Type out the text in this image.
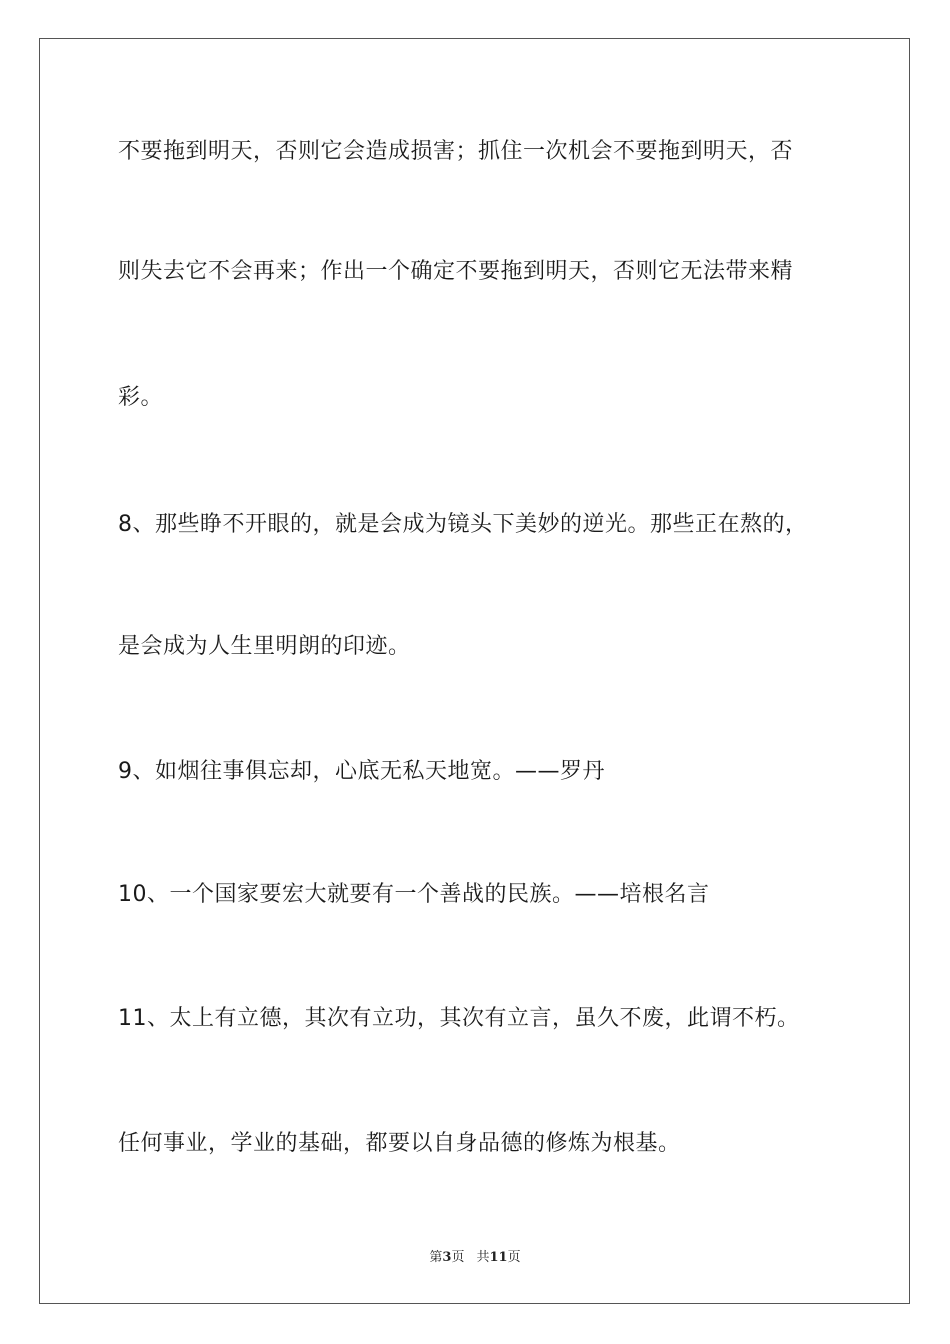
不要拖到明天，否则它会造成损害；抓住一次机会不要拖到明天，否
则失去它不会再来；作出一个确定不要拖到明天，否则它无法带来精
彩。
8、那些睁不开眼的，就是会成为镜头下美妙的逆光。那些正在熬的，
是会成为人生里明朗的印迹。
9、如烟往事俱忘却，心底无私天地宽。——罗丹
10、一个国家要宏大就要有一个善战的民族。——培根名言
11、太上有立德，其次有立功，其次有立言，虽久不废，此谓不朽。
任何事业，学业的基础，都要以自身品德的修炼为根基。
第3页 共11页
